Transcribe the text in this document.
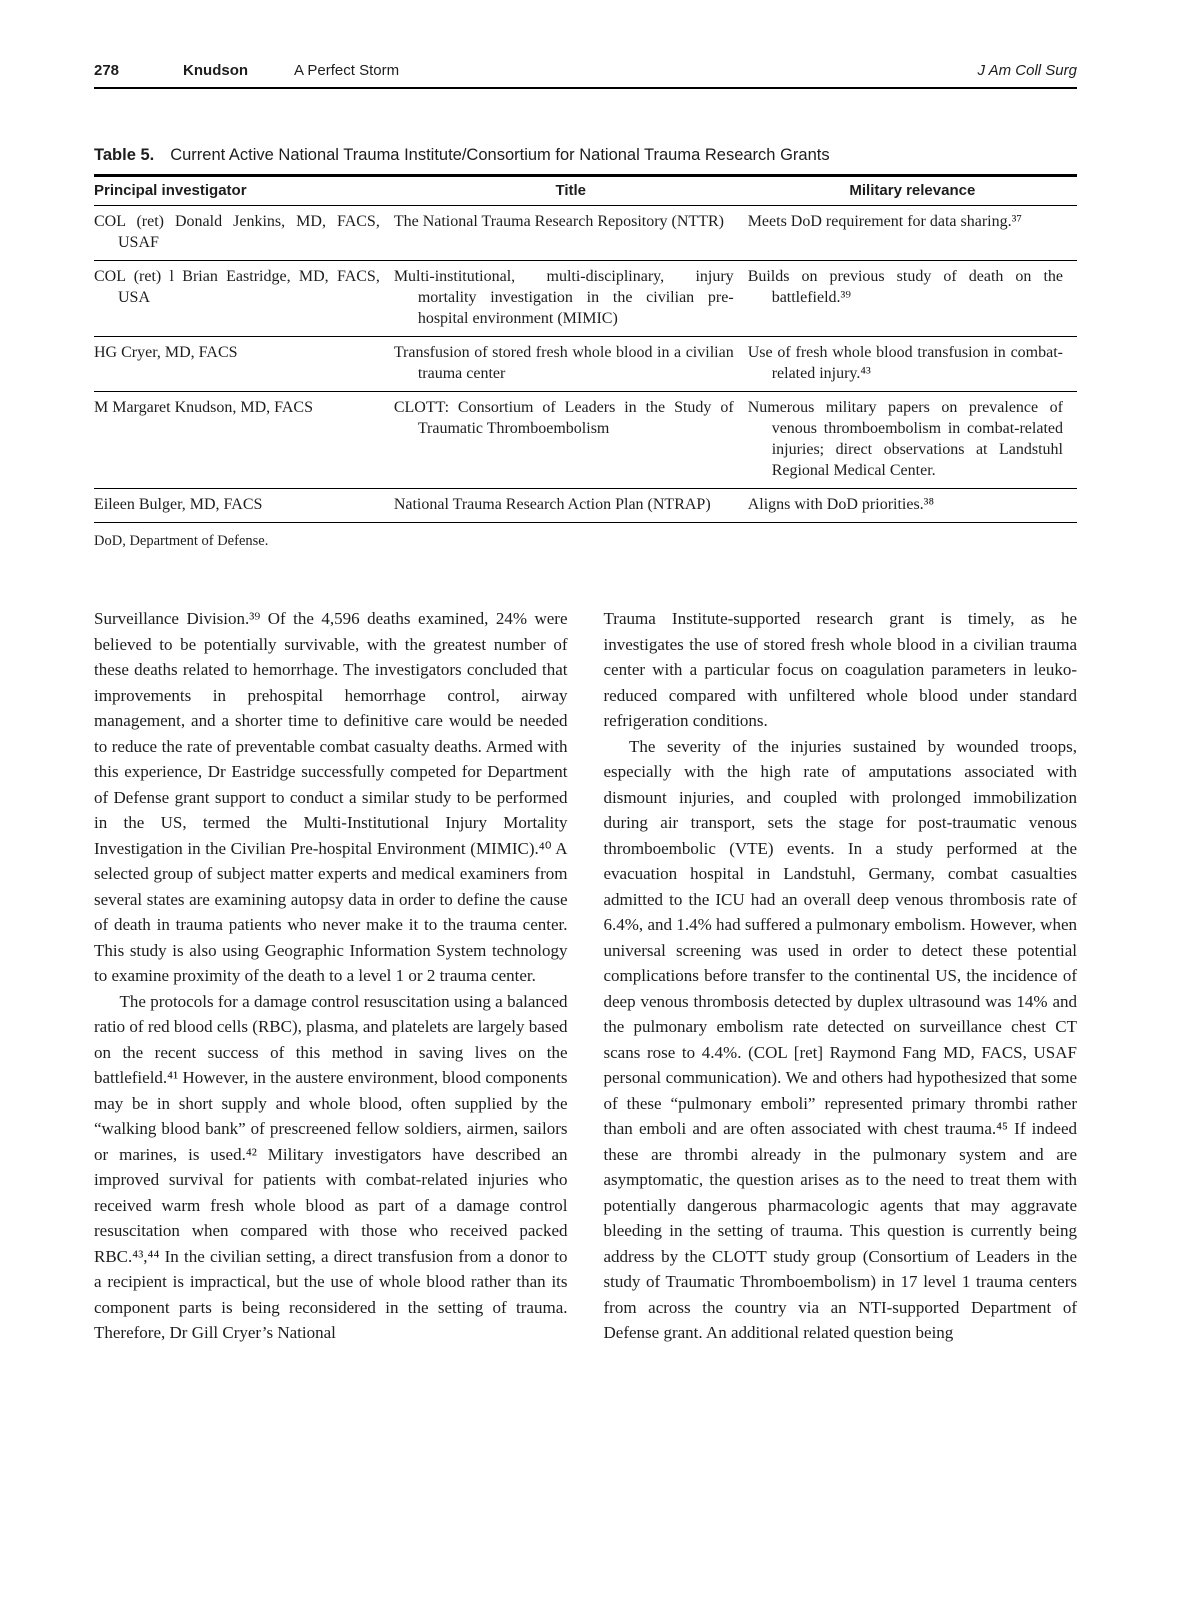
278	Knudson	A Perfect Storm	J Am Coll Surg
Table 5. Current Active National Trauma Institute/Consortium for National Trauma Research Grants
Principal investigator	Title	Military relevance

COL (ret) Donald Jenkins, MD, FACS, USAF	The National Trauma Research Repository (NTTR)	Meets DoD requirement for data sharing.³⁷

COL (ret) l Brian Eastridge, MD, FACS, USA	Multi-institutional, multi-disciplinary, injury mortality investigation in the civilian pre-hospital environment (MIMIC)	Builds on previous study of death on the battlefield.³⁹

HG Cryer, MD, FACS	Transfusion of stored fresh whole blood in a civilian trauma center	Use of fresh whole blood transfusion in combat-related injury.⁴³

M Margaret Knudson, MD, FACS	CLOTT: Consortium of Leaders in the Study of Traumatic Thromboembolism	Numerous military papers on prevalence of venous thromboembolism in combat-related injuries; direct observations at Landstuhl Regional Medical Center.

Eileen Bulger, MD, FACS	National Trauma Research Action Plan (NTRAP)	Aligns with DoD priorities.³⁸
DoD, Department of Defense.

Surveillance Division.³⁹ Of the 4,596 deaths examined, 24% were believed to be potentially survivable, with the greatest number of these deaths related to hemorrhage. The investigators concluded that improvements in prehospital hemorrhage control, airway management, and a shorter time to definitive care would be needed to reduce the rate of preventable combat casualty deaths. Armed with this experience, Dr Eastridge successfully competed for Department of Defense grant support to conduct a similar study to be performed in the US, termed the Multi-Institutional Injury Mortality Investigation in the Civilian Pre-hospital Environment (MIMIC).⁴⁰ A selected group of subject matter experts and medical examiners from several states are examining autopsy data in order to define the cause of death in trauma patients who never make it to the trauma center. This study is also using Geographic Information System technology to examine proximity of the death to a level 1 or 2 trauma center.

The protocols for a damage control resuscitation using a balanced ratio of red blood cells (RBC), plasma, and platelets are largely based on the recent success of this method in saving lives on the battlefield.⁴¹ However, in the austere environment, blood components may be in short supply and whole blood, often supplied by the “walking blood bank” of prescreened fellow soldiers, airmen, sailors or marines, is used.⁴² Military investigators have described an improved survival for patients with combat-related injuries who received warm fresh whole blood as part of a damage control resuscitation when compared with those who received packed RBC.⁴³,⁴⁴ In the civilian setting, a direct transfusion from a donor to a recipient is impractical, but the use of whole blood rather than its component parts is being reconsidered in the setting of trauma. Therefore, Dr Gill Cryer’s National

Trauma Institute-supported research grant is timely, as he investigates the use of stored fresh whole blood in a civilian trauma center with a particular focus on coagulation parameters in leuko-reduced compared with unfiltered whole blood under standard refrigeration conditions.

The severity of the injuries sustained by wounded troops, especially with the high rate of amputations associated with dismount injuries, and coupled with prolonged immobilization during air transport, sets the stage for post-traumatic venous thromboembolic (VTE) events. In a study performed at the evacuation hospital in Landstuhl, Germany, combat casualties admitted to the ICU had an overall deep venous thrombosis rate of 6.4%, and 1.4% had suffered a pulmonary embolism. However, when universal screening was used in order to detect these potential complications before transfer to the continental US, the incidence of deep venous thrombosis detected by duplex ultrasound was 14% and the pulmonary embolism rate detected on surveillance chest CT scans rose to 4.4%. (COL [ret] Raymond Fang MD, FACS, USAF personal communication). We and others had hypothesized that some of these “pulmonary emboli” represented primary thrombi rather than emboli and are often associated with chest trauma.⁴⁵ If indeed these are thrombi already in the pulmonary system and are asymptomatic, the question arises as to the need to treat them with potentially dangerous pharmacologic agents that may aggravate bleeding in the setting of trauma. This question is currently being address by the CLOTT study group (Consortium of Leaders in the study of Traumatic Thromboembolism) in 17 level 1 trauma centers from across the country via an NTI-supported Department of Defense grant. An additional related question being
